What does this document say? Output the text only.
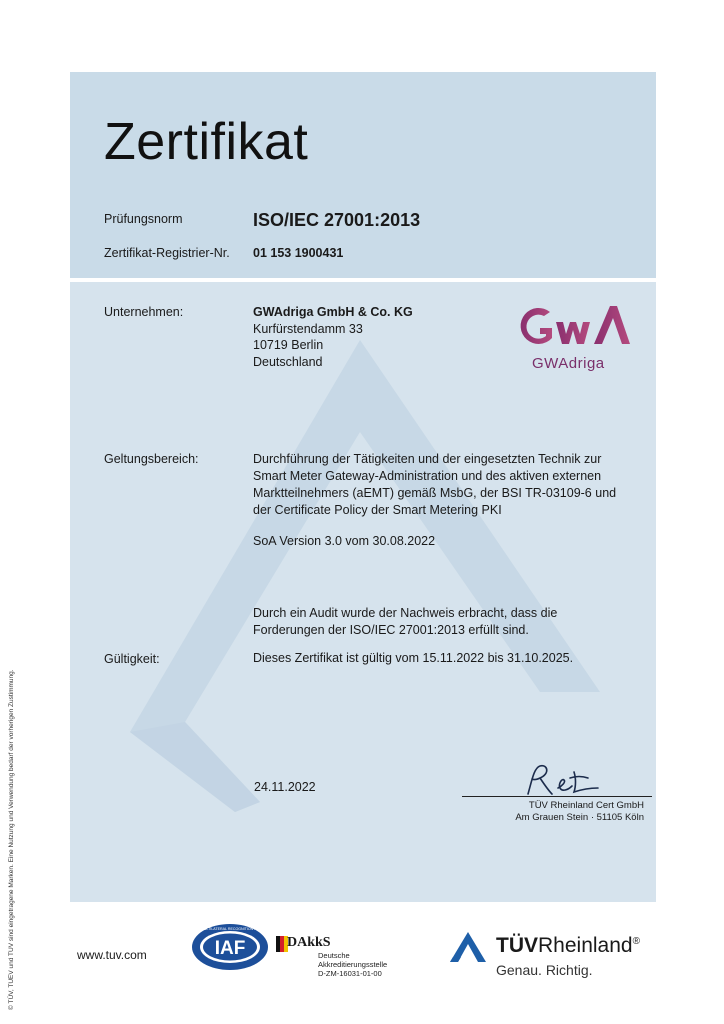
© TÜV, TUEV und TUV sind eingetragene Marken. Eine Nutzung und Verwendung bedarf der vorherigen Zustimmung.
Zertifikat
Prüfungsnorm	ISO/IEC 27001:2013
Zertifikat-Registrier-Nr. 01 153 1900431
Unternehmen:	GWAdriga GmbH & Co. KG
Kurfürstendamm 33
10719 Berlin
Deutschland	GWAdriga
Geltungsbereich:	Durchführung der Tätigkeiten und der eingesetzten Technik zur
Smart Meter Gateway-Administration und des aktiven externen
Marktteilnehmers (aEMT) gemäß MsbG, der BSI TR-03109-6 und
der Certificate Policy der Smart Metering PKI
SoA Version 3.0 vom 30.08.2022
Durch ein Audit wurde der Nachweis erbracht, dass die
Forderungen der ISO/IEC 27001:2013 erfüllt sind.
Gültigkeit:	Dieses Zertifikat ist gültig vom 15.11.2022 bis 31.10.2025.
24.11.2022
TÜV Rheinland Cert GmbH
Am Grauen Stein · 51105 Köln
www.tuv.com	IAF
MEMBER OF MULTILATERAL RECOGNITION ARRANGEMENT
DAkkS
Deutsche
Akkreditierungsstelle
D-ZM-16031-01-00
TÜVRheinland®
Genau. Richtig.
